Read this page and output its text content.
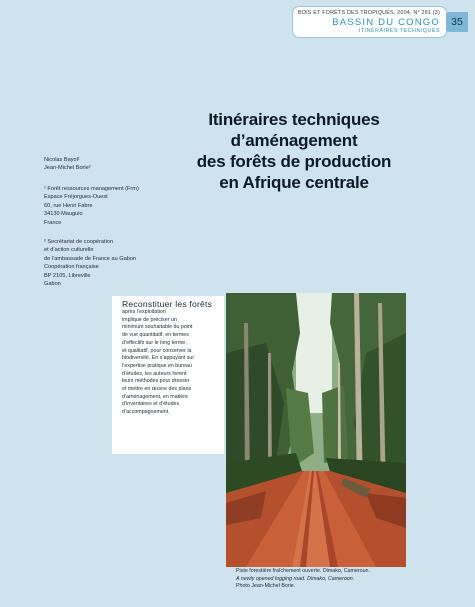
BOIS ET FORÊTS DES TROPIQUES, 2004, N° 281 (3)
BASSIN DU CONGO
ITINÉRAIRES TECHNIQUES
35
Itinéraires techniques
d’aménagement
des forêts de production
en Afrique centrale
Nicolas Bayol¹
Jean-Michel Borie²
¹ Forêt ressources management (Frm)
Espace Fréjorgues-Ouest
60, rue Henri Fabre
34130 Mauguio
France
² Secrétariat de coopération
et d’action culturelle
de l’ambassade de France au Gabon
Coopération française
BP 2105, Libreville
Gabon
Reconstituer les forêts
après l’exploitation
implique de préciser un
minimum souhaitable du point
de vue quantitatif, en termes
d’effectifs sur le long terme,
et qualitatif, pour conserver la
biodiversité. En s’appuyant sur
l’expertise pratique en bureau
d’études, les auteurs livrent
leurs méthodes pour dresser
et mettre en œuvre des plans
d’aménagement, en matière
d’inventaires et d’études
d’accompagnement.
Piste forestière fraîchement ouverte. Dimako, Cameroun.
A newly opened logging road. Dimako, Cameroon.
Photo Jean-Michel Borie.
